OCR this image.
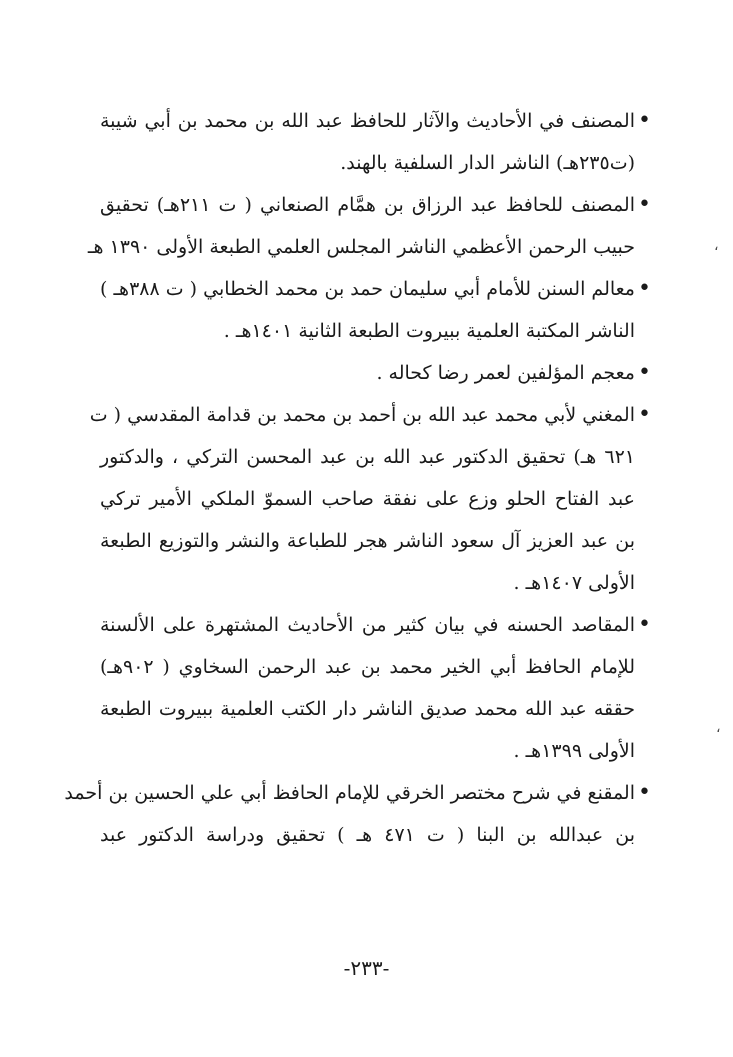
•
المصنف في الأحاديث والآثار للحافظ عبد الله بن محمد بن أبي شيبة
(ت٢٣٥هـ) الناشر الدار السلفية بالهند.
•
المصنف للحافظ عبد الرزاق بن همَّام الصنعاني ( ت ٢١١هـ) تحقيق
حبيب الرحمن الأعظمي الناشر المجلس العلمي الطبعة الأولى ١٣٩٠ هـ
•
معالم السنن للأمام أبي سليمان حمد بن محمد الخطابي ( ت ٣٨٨هـ )
الناشر المكتبة العلمية ببيروت الطبعة الثانية ١٤٠١هـ .
•
معجم المؤلفين لعمر رضا كحاله .
•
المغني لأبي محمد عبد الله بن أحمد بن محمد بن قدامة المقدسي ( ت
٦٢١ هـ) تحقيق الدكتور عبد الله بن عبد المحسن التركي ، والدكتور
عبد الفتاح الحلو وزع على نفقة صاحب السموّ الملكي الأمير تركي
بن عبد العزيز آل سعود الناشر هجر للطباعة والنشر والتوزيع الطبعة
الأولى ١٤٠٧هـ .
•
المقاصد الحسنه في بيان كثير من الأحاديث المشتهرة على الألسنة
للإمام الحافظ أبي الخير محمد بن عبد الرحمن السخاوي ( ٩٠٢هـ)
حققه عبد الله محمد صديق الناشر دار الكتب العلمية ببيروت الطبعة
الأولى ١٣٩٩هـ .
•
المقنع في شرح مختصر الخرقي للإمام الحافظ أبي علي الحسين بن أحمد
بن عبدالله بن البنا ( ت ٤٧١ هـ ) تحقيق ودراسة الدكتور عبد
-٢٣٣-
،
،
